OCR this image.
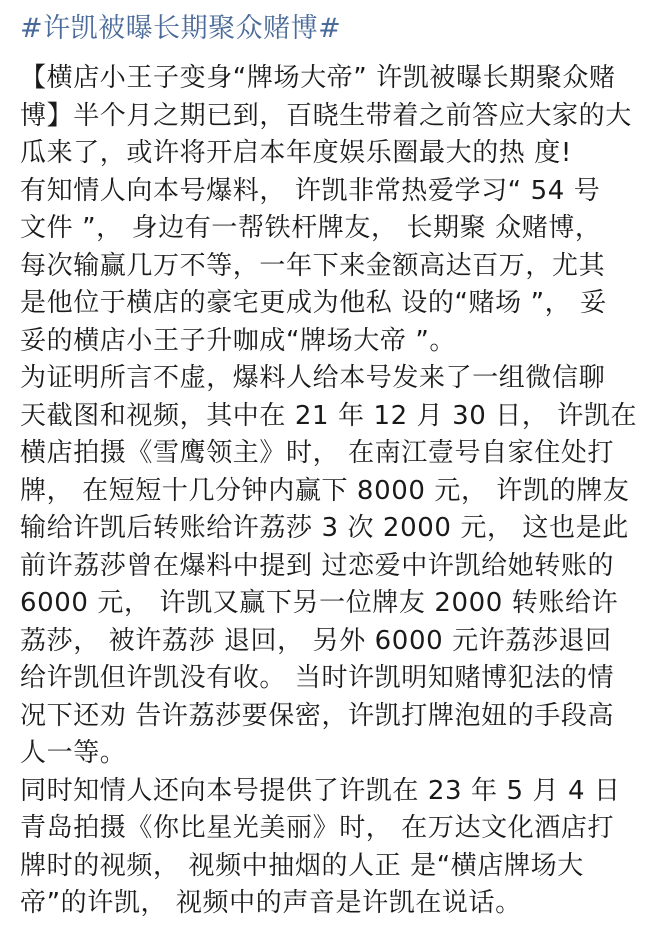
#许凯被曝长期聚众赌博#

【横店小王子变身“牌场大帝” 许凯被曝长期聚众赌
博】半个月之期已到，百晓生带着之前答应大家的大
瓜来了，或许将开启本年度娱乐圈最大的热 度!

有知情人向本号爆料， 许凯非常热爱学习“ 54 号
文件 ”， 身边有一帮铁杆牌友， 长期聚 众赌博，
每次输赢几万不等，一年下来金额高达百万，尤其
是他位于横店的豪宅更成为他私 设的“赌场 ”， 妥
妥的横店小王子升咖成“牌场大帝 ”。

为证明所言不虚，爆料人给本号发来了一组微信聊
天截图和视频，其中在 21 年 12 月 30 日， 许凯在
横店拍摄《雪鹰领主》时， 在南江壹号自家住处打
牌， 在短短十几分钟内赢下 8000 元， 许凯的牌友
输给许凯后转账给许荔莎 3 次 2000 元， 这也是此
前许荔莎曾在爆料中提到 过恋爱中许凯给她转账的
6000 元， 许凯又赢下另一位牌友 2000 转账给许
荔莎， 被许荔莎 退回， 另外 6000 元许荔莎退回
给许凯但许凯没有收。 当时许凯明知赌博犯法的情
况下还劝 告许荔莎要保密，许凯打牌泡妞的手段高
人一等。

同时知情人还向本号提供了许凯在 23 年 5 月 4 日
青岛拍摄《你比星光美丽》时， 在万达文化酒店打
牌时的视频， 视频中抽烟的人正 是“横店牌场大
帝”的许凯， 视频中的声音是许凯在说话。
